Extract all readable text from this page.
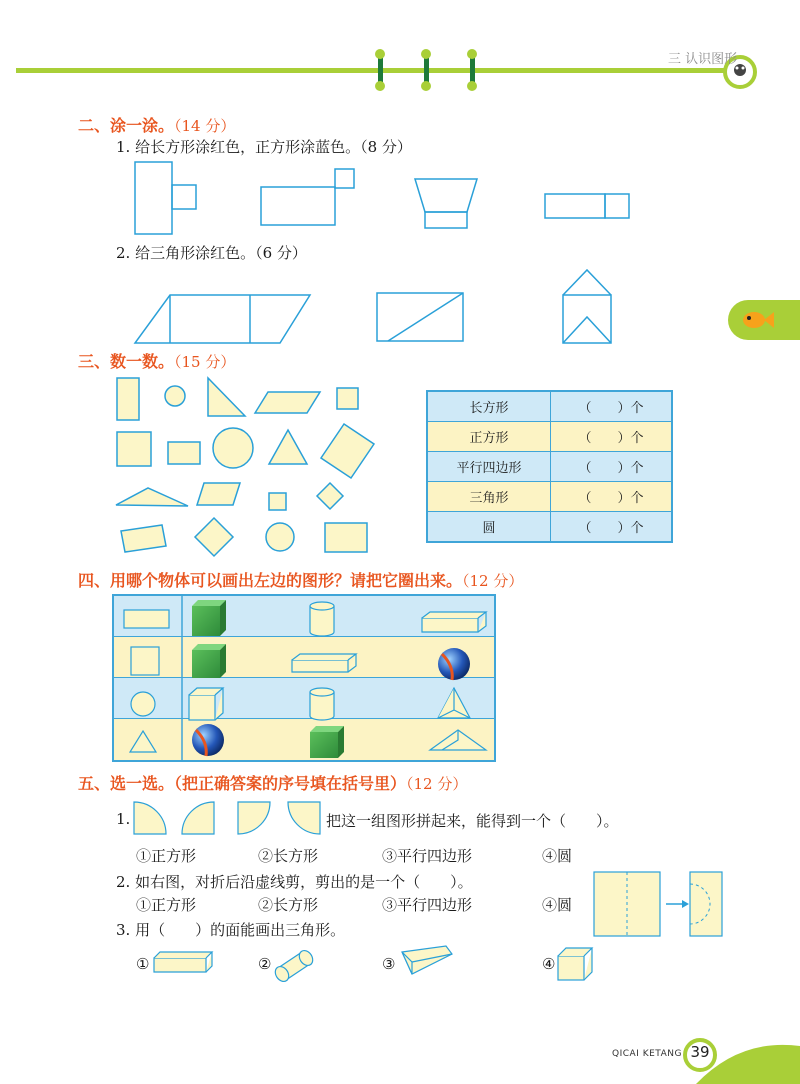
三 认识图形
二、涂一涂。（14 分）
1. 给长方形涂红色，正方形涂蓝色。（8 分）
2. 给三角形涂红色。（6 分）
三、数一数。（15 分）
长方形	（　　）个
正方形	（　　）个
平行四边形	（　　）个
三角形	（　　）个
圆	（　　）个
四、用哪个物体可以画出左边的图形？请把它圈出来。（12 分）
五、选一选。（把正确答案的序号填在括号里）（12 分）
1.	把这一组图形拼起来，能得到一个（　　）。
①正方形	②长方形	③平行四边形	④圆
2. 如右图，对折后沿虚线剪，剪出的是一个（　　）。
①正方形	②长方形	③平行四边形	④圆
3. 用（　　）的面能画出三角形。
①	②	③	④
QICAI KETANG 39
